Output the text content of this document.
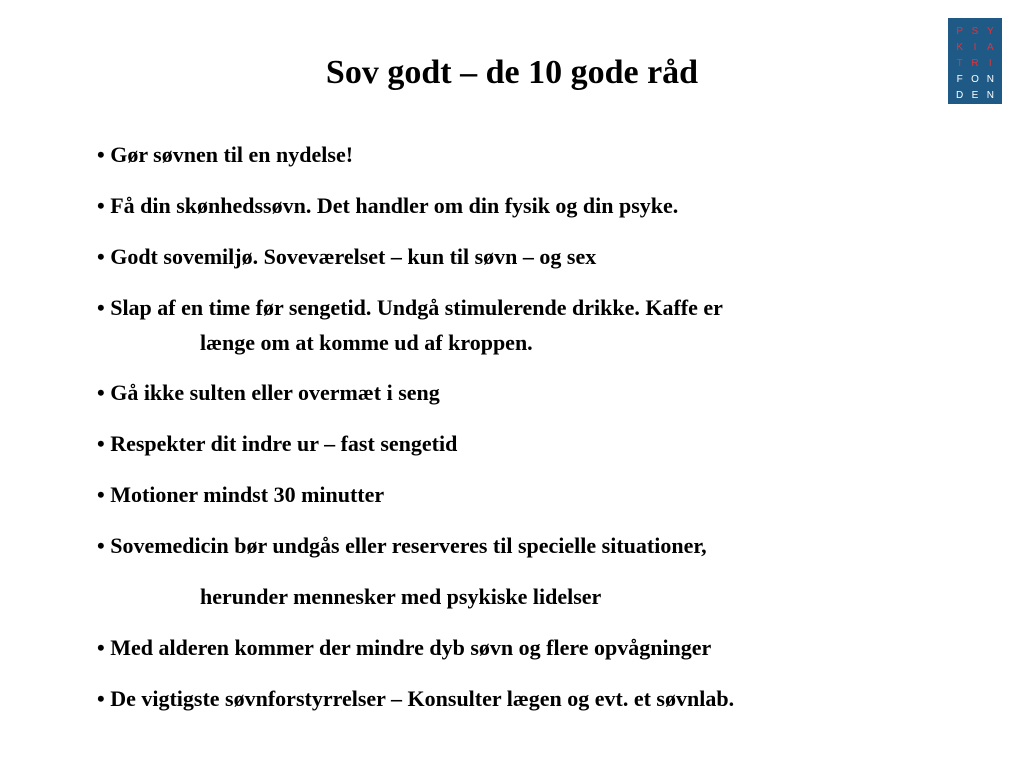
Sov godt – de 10 gode råd
P S Y
K	I	A
T R	I
F O N
D E N
• Gør søvnen til en nydelse!
• Få din skønhedssøvn. Det handler om din fysik og din psyke.
• Godt sovemiljø. Soveværelset – kun til søvn – og sex
• Slap af en time før sengetid. Undgå stimulerende drikke. Kaffe er
længe om at komme ud af kroppen.
• Gå ikke sulten eller overmæt i seng
• Respekter dit indre ur – fast sengetid
• Motioner mindst 30 minutter
• Sovemedicin bør undgås eller reserveres til specielle situationer,
herunder mennesker med psykiske lidelser
• Med alderen kommer der mindre dyb søvn og flere opvågninger
• De vigtigste søvnforstyrrelser – Konsulter lægen og evt. et søvnlab.
